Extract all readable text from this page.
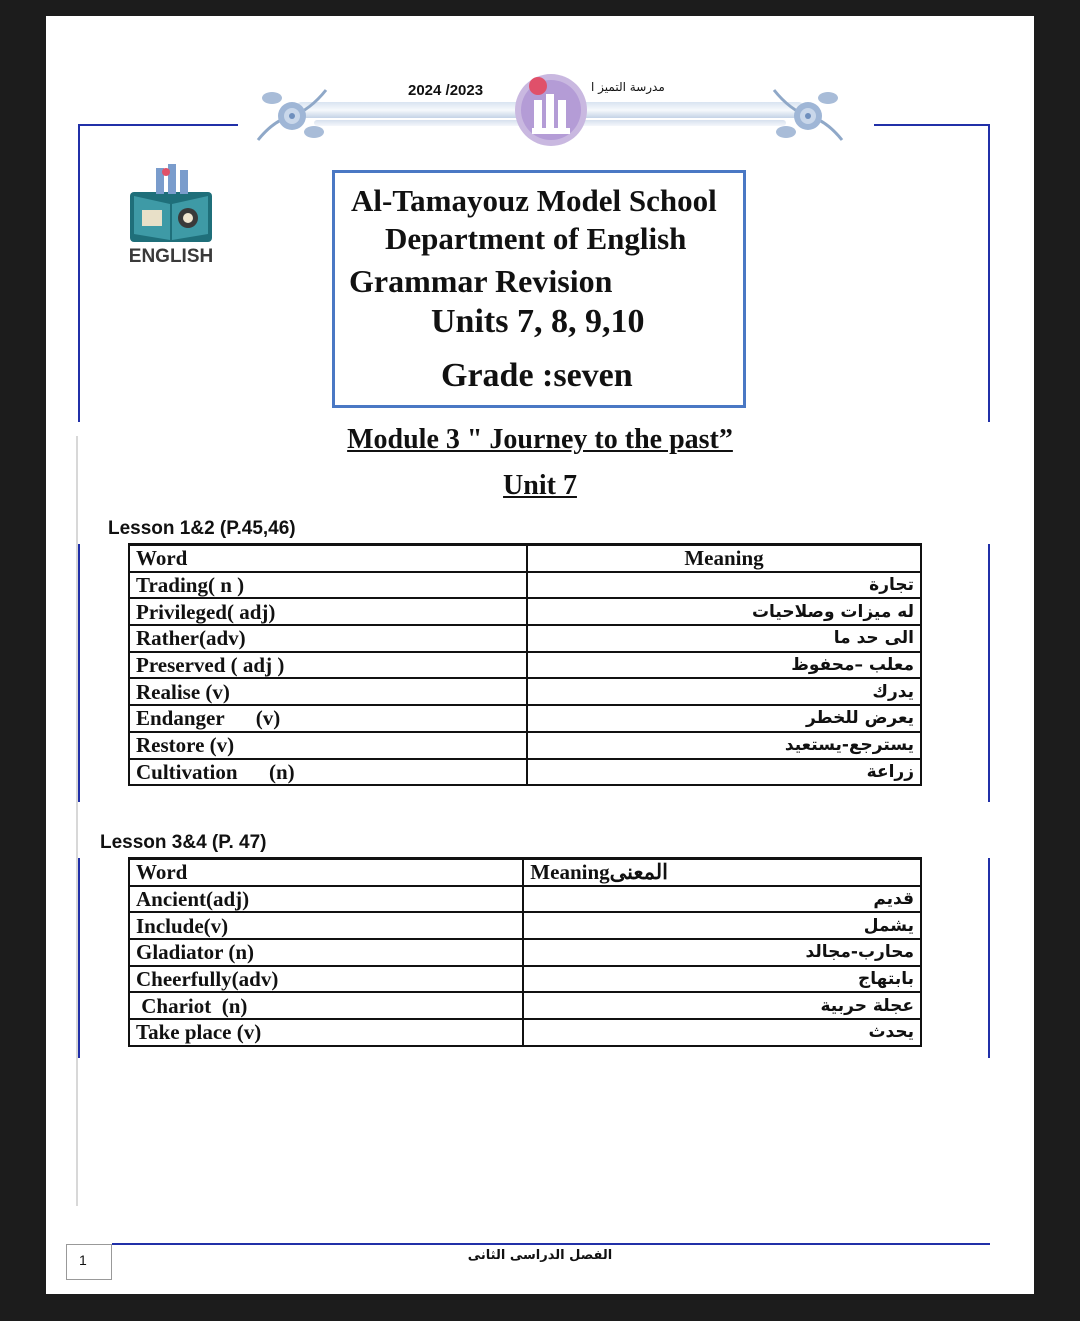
2024 /2023	مدرسة التميز ا
ENGLISH
Al-Tamayouz Model School
Department of English
Grammar Revision
Units 7, 8, 9,10
Grade :seven
Module 3 " Journey to the past”
Unit 7
Lesson 1&2 (P.45,46)
Word	Meaning
Trading( n )	تجارة
Privileged( adj)	له ميزات وصلاحيات
Rather(adv)	الى حد ما
Preserved ( adj )	معلب –محفوظ
Realise (v)	يدرك
Endanger      (v)	يعرض للخطر
Restore (v)	يسترجع-يستعيد
Cultivation      (n)	زراعة
Lesson 3&4 (P. 47)
Word	المعنىMeaning
Ancient(adj)	قديم
Include(v)	يشمل
Gladiator (n)	محارب-مجالد
Cheerfully(adv)	بابتهاج
Chariot  (n)	عجلة حربية
Take place (v)	يحدث
1	الفصل الدراسى الثانى
